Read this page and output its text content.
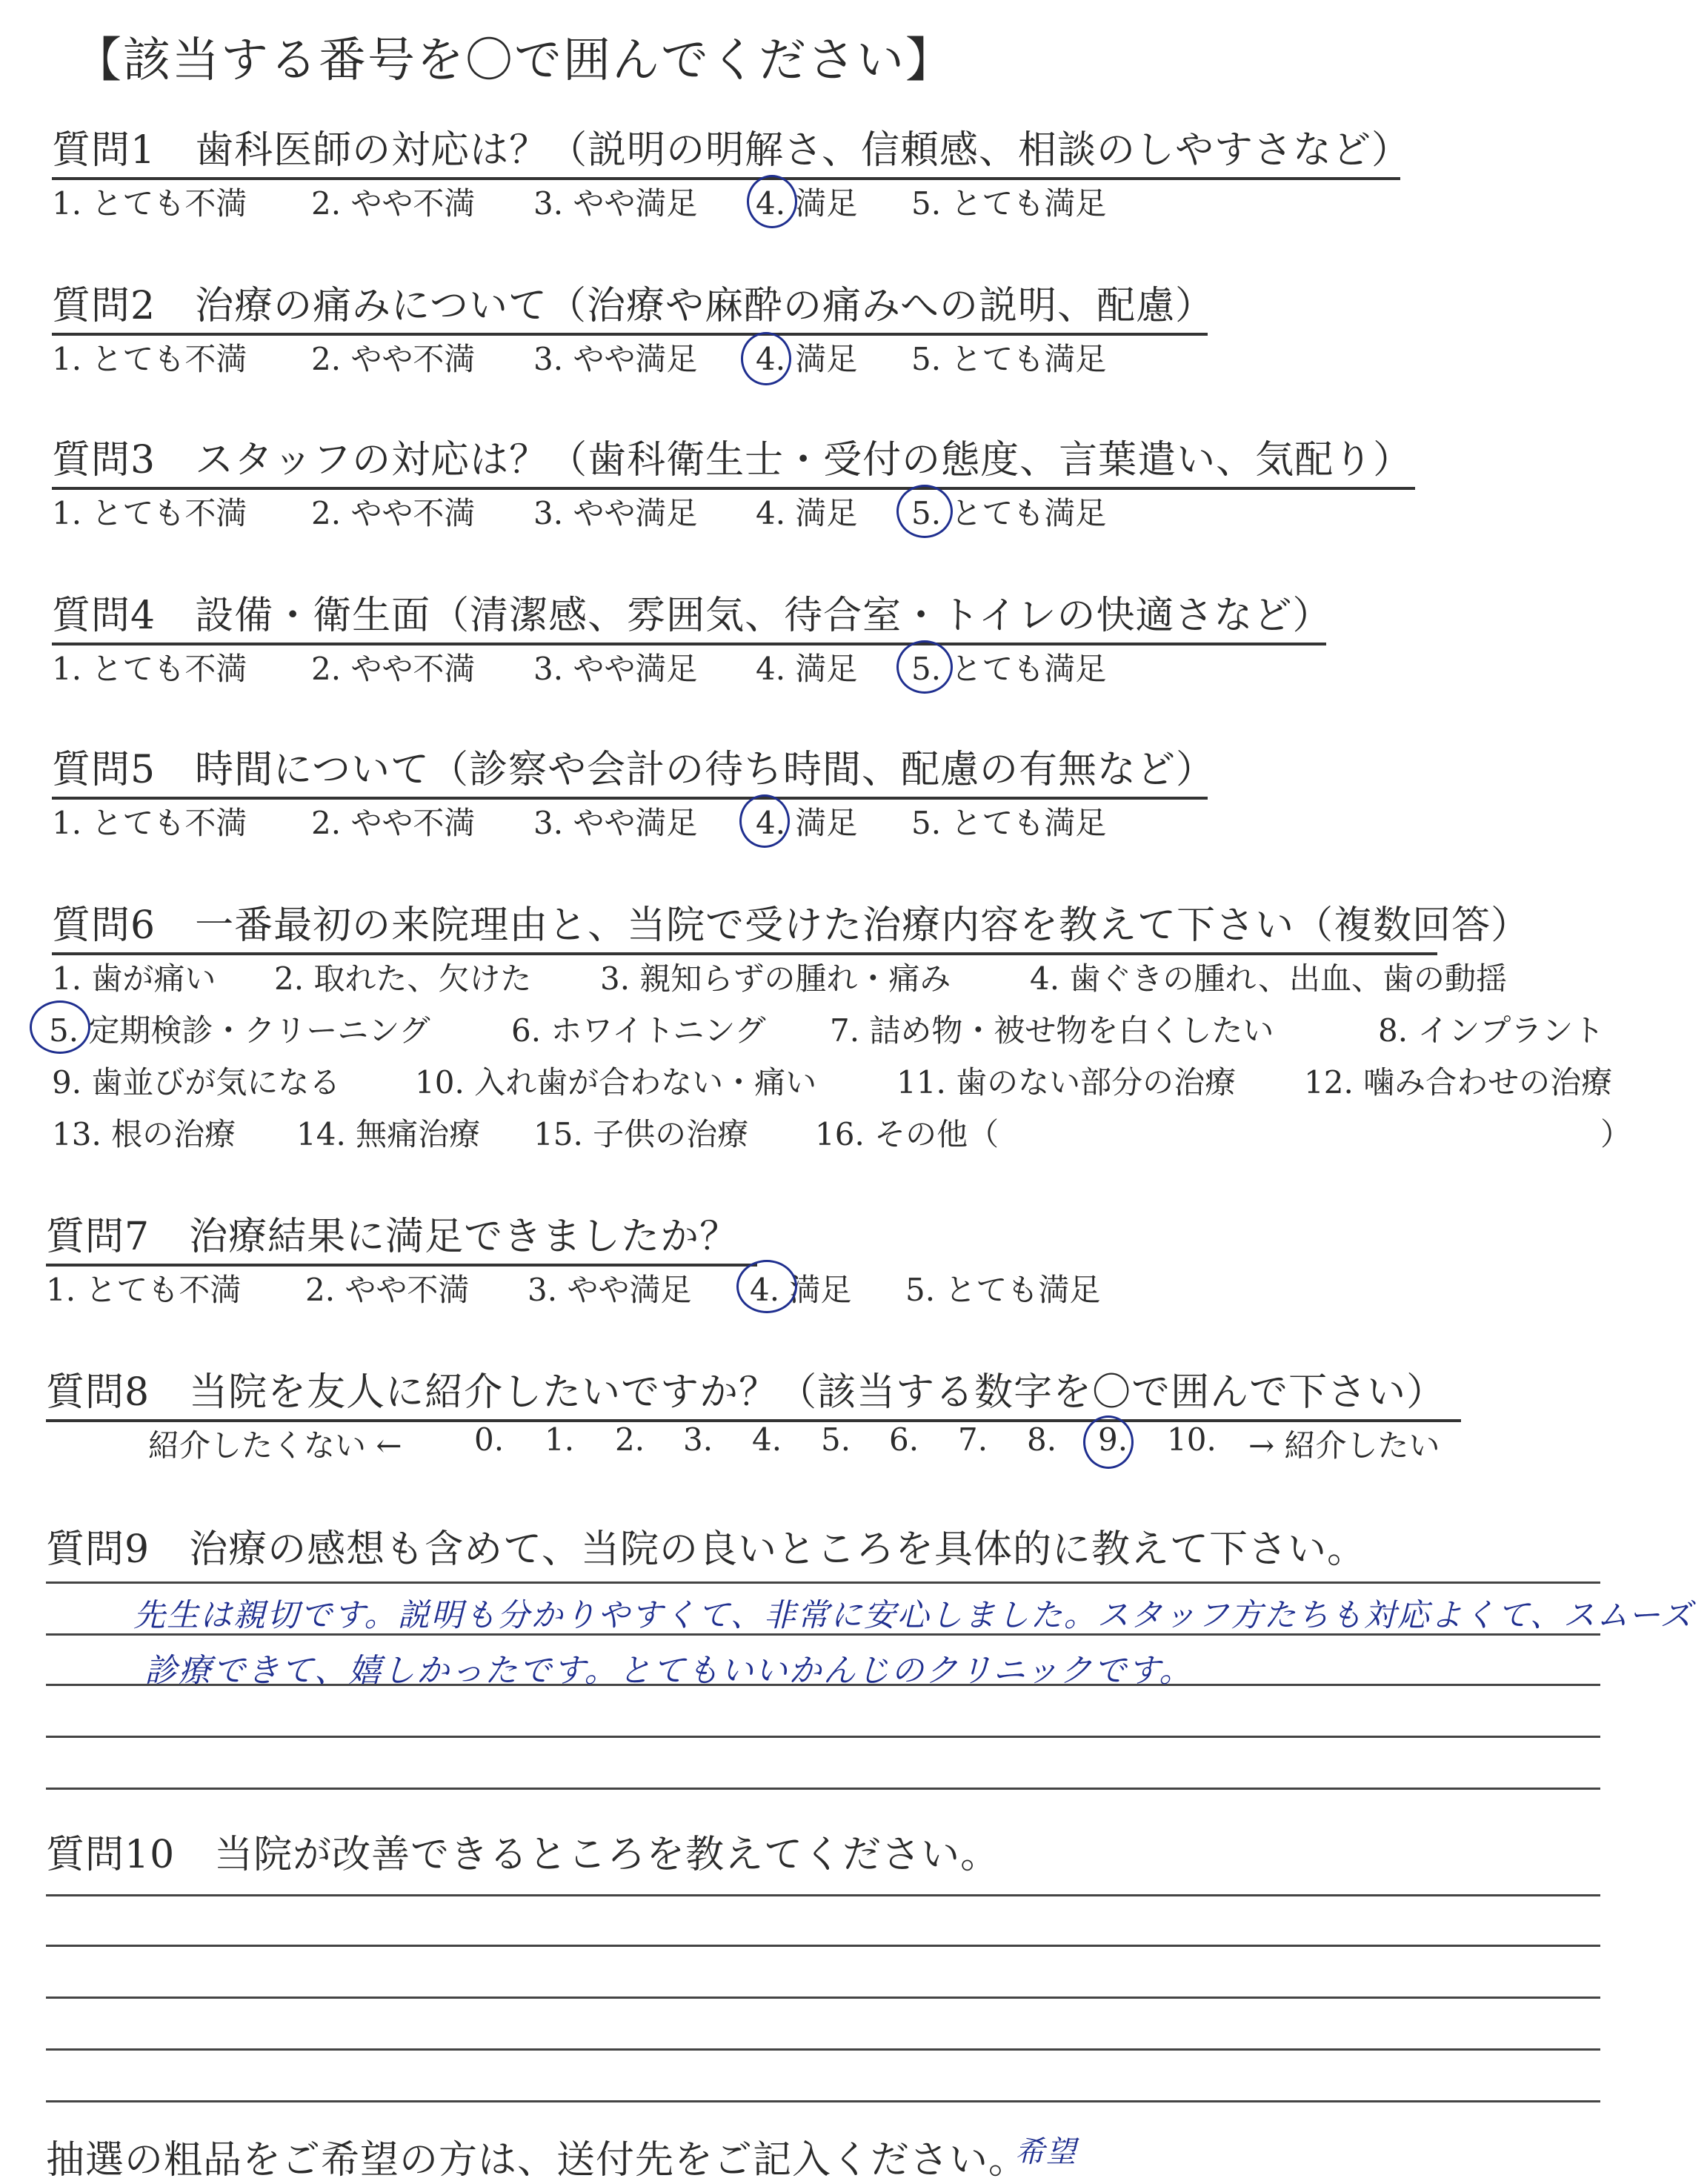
【該当する番号を〇で囲んでください】
質問1　歯科医師の対応は？（説明の明解さ、信頼感、相談のしやすさなど）
1. とても不満 2. やや不満 3. やや満足 4. 満足 5. とても満足
質問2　治療の痛みについて（治療や麻酔の痛みへの説明、配慮）
1. とても不満 2. やや不満 3. やや満足 4. 満足 5. とても満足
質問3　スタッフの対応は？（歯科衛生士・受付の態度、言葉遣い、気配り）
1. とても不満 2. やや不満 3. やや満足 4. 満足 5. とても満足
質問4　設備・衛生面（清潔感、雰囲気、待合室・トイレの快適さなど）
1. とても不満 2. やや不満 3. やや満足 4. 満足 5. とても満足
質問5　時間について（診察や会計の待ち時間、配慮の有無など）
1. とても不満 2. やや不満 3. やや満足 4. 満足 5. とても満足
質問6　一番最初の来院理由と、当院で受けた治療内容を教えて下さい（複数回答）
1. 歯が痛い 2. 取れた、欠けた 3. 親知らずの腫れ・痛み	4. 歯ぐきの腫れ、出血、歯の動揺
5. 定期検診・クリーニング	6. ホワイトニング 7. 詰め物・被せ物を白くしたい	8. インプラント
9. 歯並びが気になる 10. 入れ歯が合わない・痛い	11. 歯のない部分の治療 12. 噛み合わせの治療
13. 根の治療 14. 無痛治療 15. 子供の治療 16. その他（	）
質問7　治療結果に満足できましたか？
1. とても不満 2. やや不満 3. やや満足 4. 満足 5. とても満足
質問8　当院を友人に紹介したいですか？（該当する数字を〇で囲んで下さい）
紹介したくない ← 0. 1. 2. 3. 4. 5. 6. 7. 8. 9. 10. → 紹介したい
質問9　治療の感想も含めて、当院の良いところを具体的に教えて下さい。
先生は親切です。説明も分かりやすくて、非常に安心しました。スタッフ方たちも対応よくて、スムーズ
診療できて、嬉しかったです。とてもいいかんじのクリニックです。
質問10　当院が改善できるところを教えてください。
抽選の粗品をご希望の方は、送付先をご記入ください。
希望
